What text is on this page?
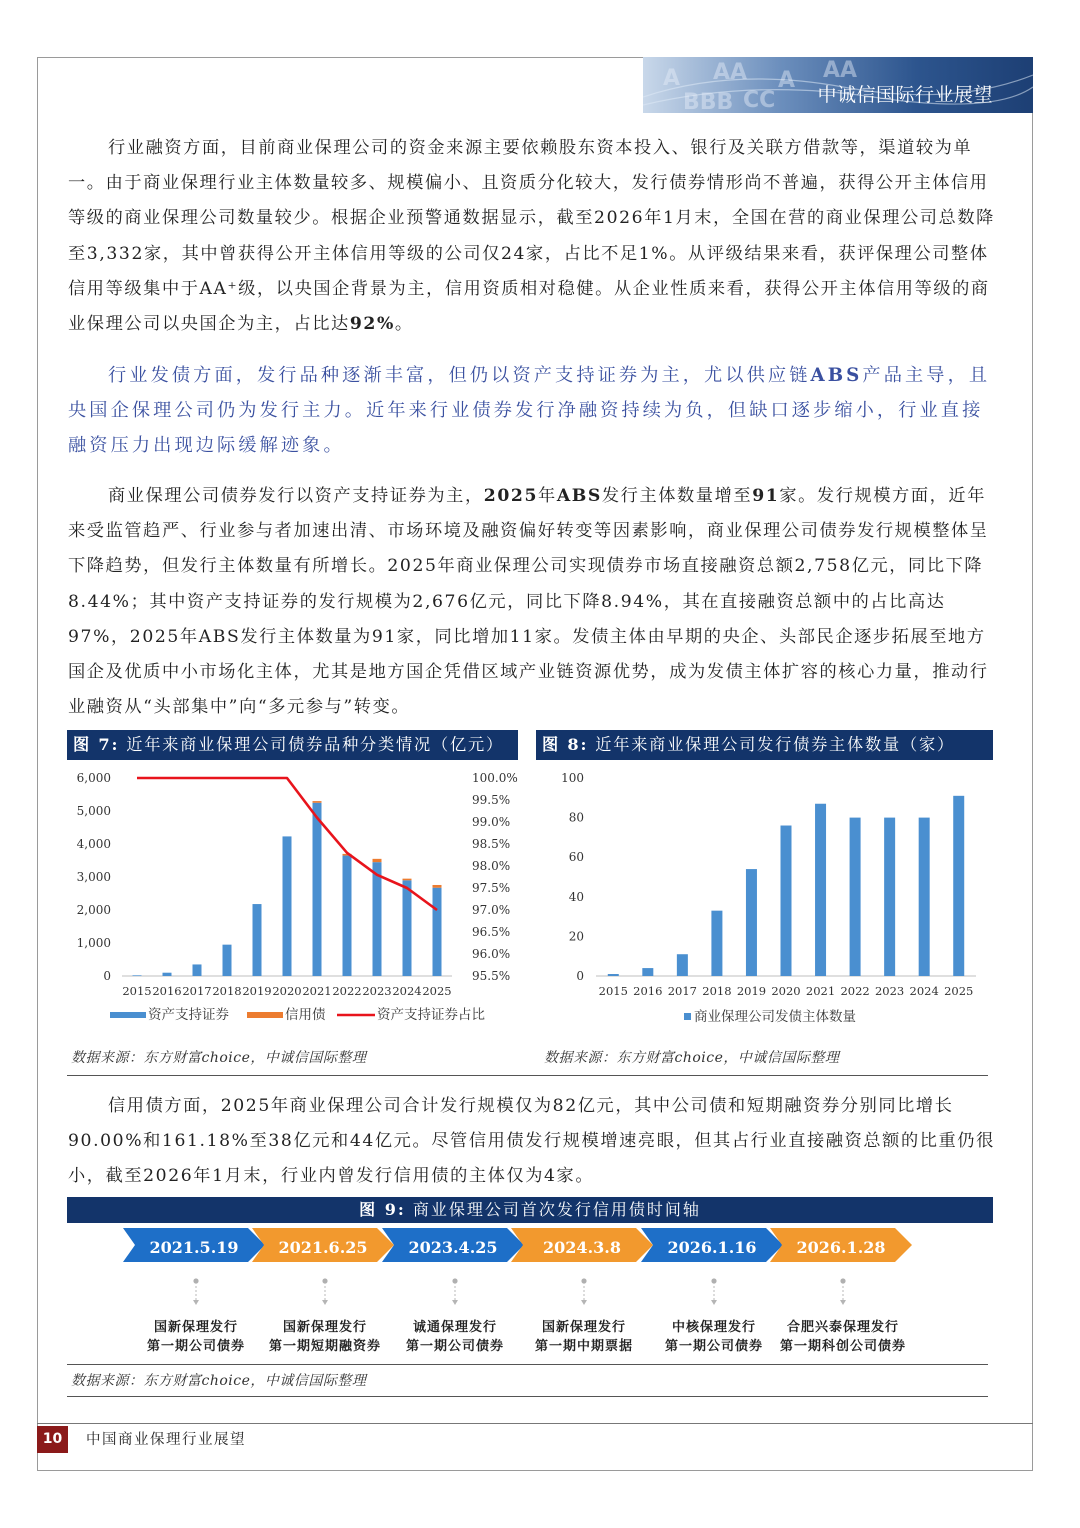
A AA A AA
BBB CC 中诚信国际行业展望

行业融资方面，目前商业保理公司的资金来源主要依赖股东资本投入、银行及关联方借款等，渠道较为单一。由于商业保理行业主体数量较多、规模偏小、且资质分化较大，发行债券情形尚不普遍，获得公开主体信用等级的商业保理公司数量较少。根据企业预警通数据显示，截至2026年1月末，全国在营的商业保理公司总数降至3,332家，其中曾获得公开主体信用等级的公司仅24家，占比不足1%。从评级结果来看，获评保理公司整体信用等级集中于AA⁺级，以央国企背景为主，信用资质相对稳健。从企业性质来看，获得公开主体信用等级的商业保理公司以央国企为主，占比达92%。

行业发债方面，发行品种逐渐丰富，但仍以资产支持证券为主，尤以供应链ABS产品主导，且央国企保理公司仍为发行主力。近年来行业债券发行净融资持续为负，但缺口逐步缩小，行业直接融资压力出现边际缓解迹象。

商业保理公司债券发行以资产支持证券为主，2025年ABS发行主体数量增至91家。发行规模方面，近年来受监管趋严、行业参与者加速出清、市场环境及融资偏好转变等因素影响，商业保理公司债券发行规模整体呈下降趋势，但发行主体数量有所增长。2025年商业保理公司实现债券市场直接融资总额2,758亿元，同比下降8.44%；其中资产支持证券的发行规模为2,676亿元，同比下降8.94%，其在直接融资总额中的占比高达97%，2025年ABS发行主体数量为91家，同比增加11家。发债主体由早期的央企、头部民企逐步拓展至地方国企及优质中小市场化主体，尤其是地方国企凭借区域产业链资源优势，成为发债主体扩容的核心力量，推动行业融资从“头部集中”向“多元参与”转变。

图 7: 近年来商业保理公司债券品种分类情况（亿元）
6,000
5,000
4,000
3,000
2,000
1,000
0
100.0%
99.5%
99.0%
98.5%
98.0%
97.5%
97.0%
96.5%
96.0%
95.5%
2015 2016 2017 2018 2019 2020 2021 2022 2023 2024 2025
资产支持证券	信用债	资产支持证券占比
数据来源：东方财富choice，中诚信国际整理
图 8: 近年来商业保理公司发行债券主体数量（家）
100
80
60
40
20
0
2015 2016 2017 2018 2019 2020 2021 2022 2023 2024 2025
商业保理公司发债主体数量
数据来源：东方财富choice，中诚信国际整理

信用债方面，2025年商业保理公司合计发行规模仅为82亿元，其中公司债和短期融资券分别同比增长90.00%和161.18%至38亿元和44亿元。尽管信用债发行规模增速亮眼，但其占行业直接融资总额的比重仍很小，截至2026年1月末，行业内曾发行信用债的主体仅为4家。

图 9: 商业保理公司首次发行信用债时间轴
2021.5.19
国新保理发行
第一期公司债券
2021.6.25
国新保理发行
第一期短期融资券
2023.4.25
诚通保理发行
第一期公司债券
2024.3.8
国新保理发行
第一期中期票据
2026.1.16
中核保理发行
第一期公司债券
2026.1.28
合肥兴泰保理发行
第一期科创公司债券
数据来源：东方财富choice，中诚信国际整理
10	中国商业保理行业展望
